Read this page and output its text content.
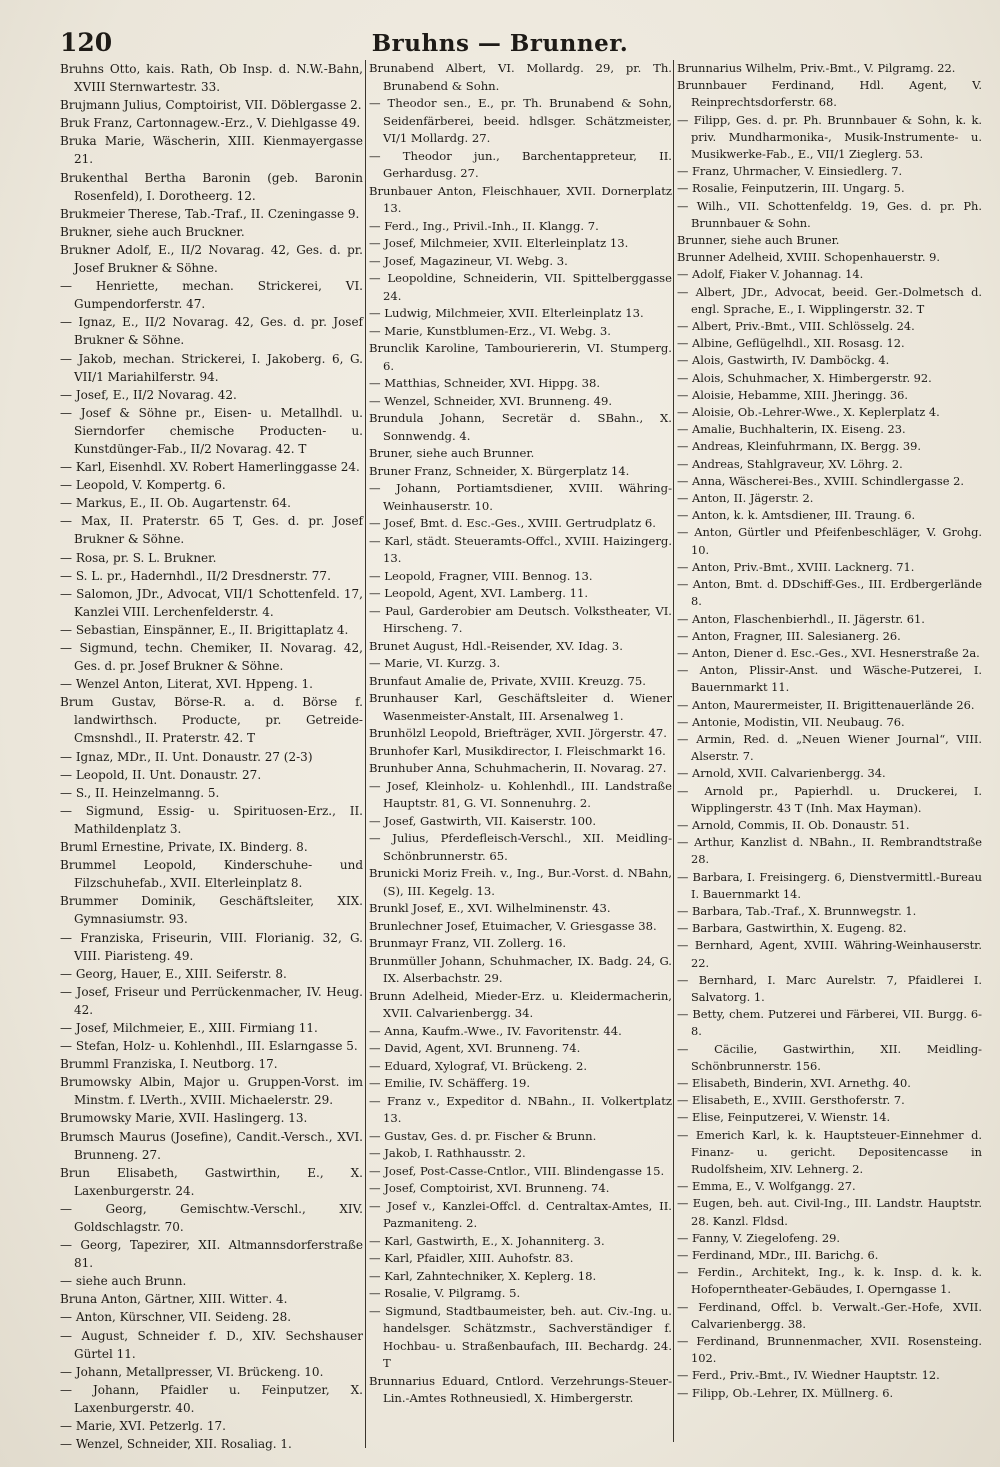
120	Bruhns — Brunner.

Bruhns Otto, kais. Rath, Ob Insp. d. N.W.-Bahn, XVIII Sternwartestr. 33.

Brujmann Julius, Comptoirist, VII. Döblergasse 2.

Bruk Franz, Cartonnagew.-Erz., V. Diehlgasse 49.

Bruka Marie, Wäscherin, XIII. Kienmayergasse 21.

Brukenthal Bertha Baronin (geb. Baronin Rosenfeld), I. Dorotheerg. 12.

Brukmeier Therese, Tab.-Traf., II. Czeningasse 9.

Brukner, siehe auch Bruckner.

Brukner Adolf, E., II/2 Novarag. 42, Ges. d. pr. Josef Brukner & Söhne.

— Henriette, mechan. Strickerei, VI. Gumpendorferstr. 47.

— Ignaz, E., II/2 Novarag. 42, Ges. d. pr. Josef Brukner & Söhne.

— Jakob, mechan. Strickerei, I. Jakoberg. 6, G. VII/1 Mariahilferstr. 94.

— Josef, E., II/2 Novarag. 42.

— Josef & Söhne pr., Eisen- u. Metallhdl. u. Sierndorfer chemische Producten- u. Kunstdünger-Fab., II/2 Novarag. 42. T

— Karl, Eisenhdl. XV. Robert Hamerlinggasse 24.

— Leopold, V. Kompertg. 6.

— Markus, E., II. Ob. Augartenstr. 64.

— Max, II. Praterstr. 65 T, Ges. d. pr. Josef Brukner & Söhne.

— Rosa, pr. S. L. Brukner.

— S. L. pr., Hadernhdl., II/2 Dresdnerstr. 77.

— Salomon, JDr., Advocat, VII/1 Schottenfeld. 17, Kanzlei VIII. Lerchenfelderstr. 4.

— Sebastian, Einspänner, E., II. Brigittaplatz 4.

— Sigmund, techn. Chemiker, II. Novarag. 42, Ges. d. pr. Josef Brukner & Söhne.

— Wenzel Anton, Literat, XVI. Hppeng. 1.

Brum Gustav, Börse-R. a. d. Börse f. landwirthsch. Producte, pr. Getreide-Cmsnshdl., II. Praterstr. 42. T

— Ignaz, MDr., II. Unt. Donaustr. 27 (2-3)

— Leopold, II. Unt. Donaustr. 27.

— S., II. Heinzelmanng. 5.

— Sigmund, Essig- u. Spirituosen-Erz., II. Mathildenplatz 3.

Bruml Ernestine, Private, IX. Binderg. 8.

Brummel Leopold, Kinderschuhe- und Filzschuhefab., XVII. Elterleinplatz 8.

Brummer Dominik, Geschäftsleiter, XIX. Gymnasiumstr. 93.

— Franziska, Friseurin, VIII. Florianig. 32, G. VIII. Piaristeng. 49.

— Georg, Hauer, E., XIII. Seiferstr. 8.

— Josef, Friseur und Perrückenmacher, IV. Heug. 42.

— Josef, Milchmeier, E., XIII. Firmiang 11.

— Stefan, Holz- u. Kohlenhdl., III. Eslarngasse 5.

Brumml Franziska, I. Neutborg. 17.

Brumowsky Albin, Major u. Gruppen-Vorst. im Minstm. f. LVerth., XVIII. Michaelerstr. 29.

Brumowsky Marie, XVII. Haslingerg. 13.

Brumsch Maurus (Josefine), Candit.-Versch., XVI. Brunneng. 27.

Brun Elisabeth, Gastwirthin, E., X. Laxenburgerstr. 24.

— Georg, Gemischtw.-Verschl., XIV. Goldschlagstr. 70.

— Georg, Tapezirer, XII. Altmannsdorferstraße 81.

— siehe auch Brunn.

Bruna Anton, Gärtner, XIII. Wittег. 4.

— Anton, Kürschner, VII. Seideng. 28.

— August, Schneider f. D., XIV. Sechshauser Gürtel 11.

— Johann, Metallpresser, VI. Brückeng. 10.

— Johann, Pfaidler u. Feinputzer, X. Laxenburgerstr. 40.

— Marie, XVI. Petzerlg. 17.

— Wenzel, Schneider, XII. Rosaliag. 1.

Brunabend Albert, VI. Mollardg. 29, pr. Th. Brunabend & Sohn.

— Theodor sen., E., pr. Th. Brunabend & Sohn, Seidenfärberei, beeid. hdlsger. Schätzmeister, VI/1 Mollardg. 27.

— Theodor jun., Barchentappreteur, II. Gerhardusg. 27.

Brunbauer Anton, Fleischhauer, XVII. Dornerplatz 13.

— Ferd., Ing., Privil.-Inh., II. Klangg. 7.

— Josef, Milchmeier, XVII. Elterleinplatz 13.

— Josef, Magazineur, VI. Webg. 3.

— Leopoldine, Schneiderin, VII. Spittelberggasse 24.

— Ludwig, Milchmeier, XVII. Elterleinplatz 13.

— Marie, Kunstblumen-Erz., VI. Webg. 3.

Brunclik Karoline, Tambouriererin, VI. Stumperg. 6.

— Matthias, Schneider, XVI. Hippg. 38.

— Wenzel, Schneider, XVI. Brunneng. 49.

Brundula Johann, Secretär d. SBahn., X. Sonnwendg. 4.

Bruner, siehe auch Brunner.

Bruner Franz, Schneider, X. Bürgerplatz 14.

— Johann, Portiamtsdiener, XVIII. Währing-Weinhauserstr. 10.

— Josef, Bmt. d. Esc.-Ges., XVIII. Gertrudplatz 6.

— Karl, städt. Steueramts-Offcl., XVIII. Haizingerg. 13.

— Leopold, Fragner, VIII. Bennog. 13.

— Leopold, Agent, XVI. Lamberg. 11.

— Paul, Garderobier am Deutsch. Volkstheater, VI. Hirscheng. 7.

Brunet August, Hdl.-Reisender, XV. Idag. 3.

— Marie, VI. Kurzg. 3.

Brunfaut Amalie de, Private, XVIII. Kreuzg. 75.

Brunhauser Karl, Geschäftsleiter d. Wiener Wasenmeister-Anstalt, III. Arsenalweg 1.

Brunhölzl Leopold, Briefträger, XVII. Jörgerstr. 47.

Brunhofer Karl, Musikdirector, I. Fleischmarkt 16.

Brunhuber Anna, Schuhmacherin, II. Novarag. 27.

— Josef, Kleinholz- u. Kohlenhdl., III. Landstraße Hauptstr. 81, G. VI. Sonnenuhrg. 2.

— Josef, Gastwirth, VII. Kaiserstr. 100.

— Julius, Pferdefleisch-Verschl., XII. Meidling-Schönbrunnerstr. 65.

Brunicki Moriz Freih. v., Ing., Bur.-Vorst. d. NBahn, (S), III. Kegelg. 13.

Brunkl Josef, E., XVI. Wilhelminenstr. 43.

Brunlechner Josef, Etuimacher, V. Griesgasse 38.

Brunmayr Franz, VII. Zollerg. 16.

Brunmüller Johann, Schuhmacher, IX. Badg. 24, G. IX. Alserbachstr. 29.

Brunn Adelheid, Mieder-Erz. u. Kleidermacherin, XVII. Calvarienbergg. 34.

— Anna, Kaufm.-Wwe., IV. Favoritenstr. 44.

— David, Agent, XVI. Brunneng. 74.

— Eduard, Xylograf, VI. Brückeng. 2.

— Emilie, IV. Schäfferg. 19.

— Franz v., Expeditor d. NBahn., II. Volkertplatz 13.

— Gustav, Ges. d. pr. Fischer & Brunn.

— Jakob, I. Rathhausstr. 2.

— Josef, Post-Casse-Cntlor., VIII. Blindengasse 15.

— Josef, Comptoirist, XVI. Brunneng. 74.

— Josef v., Kanzlei-Offcl. d. Centraltax-Amtes, II. Pazmaniteng. 2.

— Karl, Gastwirth, E., X. Johanniterg. 3.

— Karl, Pfaidler, XIII. Auhofstr. 83.

— Karl, Zahntechniker, X. Keplerg. 18.

— Rosalie, V. Pilgramg. 5.

— Sigmund, Stadtbaumeister, beh. aut. Civ.-Ing. u. handelsger. Schätzmstr., Sachverständiger f. Hochbau- u. Straßenbaufach, III. Bechardg. 24. T

Brunnarius Eduard, Cntlord. Verzehrungs-Steuer-Lin.-Amtes Rothneusiedl, X. Himbergerstr.

Brunnarius Wilhelm, Priv.-Bmt., V. Pilgramg. 22.

Brunnbauer Ferdinand, Hdl. Agent, V. Reinprechtsdorferstr. 68.

— Filipp, Ges. d. pr. Ph. Brunnbauer & Sohn, k. k. priv. Mundharmonika-, Musik-Instrumente- u. Musikwerke-Fab., E., VII/1 Zieglerg. 53.

— Franz, Uhrmacher, V. Einsiedlerg. 7.

— Rosalie, Feinputzerin, III. Ungarg. 5.

— Wilh., VII. Schottenfeldg. 19, Ges. d. pr. Ph. Brunnbauer & Sohn.

Brunner, siehe auch Bruner.

Brunner Adelheid, XVIII. Schopenhauerstr. 9.

— Adolf, Fiaker V. Johannag. 14.

— Albert, JDr., Advocat, beeid. Ger.-Dolmetsch d. engl. Sprache, E., I. Wipplingerstr. 32. T

— Albert, Priv.-Bmt., VIII. Schlösselg. 24.

— Albine, Geflügelhdl., XII. Rosasg. 12.

— Alois, Gastwirth, IV. Damböckg. 4.

— Alois, Schuhmacher, X. Himbergerstr. 92.

— Aloisie, Hebamme, XIII. Jheringg. 36.

— Aloisie, Ob.-Lehrer-Wwe., X. Keplerplatz 4.

— Amalie, Buchhalterin, IX. Eiseng. 23.

— Andreas, Kleinfuhrmann, IX. Bergg. 39.

— Andreas, Stahlgraveur, XV. Löhrg. 2.

— Anna, Wäscherei-Bes., XVIII. Schindlergasse 2.

— Anton, II. Jägerstr. 2.

— Anton, k. k. Amtsdiener, III. Traung. 6.

— Anton, Gürtler und Pfeifenbeschläger, V. Grohg. 10.

— Anton, Priv.-Bmt., XVIII. Lacknerg. 71.

— Anton, Bmt. d. DDschiff-Ges., III. Erdbergerlände 8.

— Anton, Flaschenbierhdl., II. Jägerstr. 61.

— Anton, Fragner, III. Salesianerg. 26.

— Anton, Diener d. Esc.-Ges., XVI. Hesnerstraße 2a.

— Anton, Plissir-Anst. und Wäsche-Putzerei, I. Bauernmarkt 11.

— Anton, Maurermeister, II. Brigittenauerlände 26.

— Antonie, Modistin, VII. Neubaug. 76.

— Armin, Red. d. „Neuen Wiener Journal“, VIII. Alserstr. 7.

— Arnold, XVII. Calvarienbergg. 34.

— Arnold pr., Papierhdl. u. Druckerei, I. Wipplingerstr. 43 T (Inh. Max Hayman).

— Arnold, Commis, II. Ob. Donaustr. 51.

— Arthur, Kanzlist d. NBahn., II. Rembrandtstraße 28.

— Barbara, I. Freisingerg. 6, Dienstvermittl.-Bureau I. Bauernmarkt 14.

— Barbara, Tab.-Traf., X. Brunnwegstr. 1.

— Barbara, Gastwirthin, X. Eugeng. 82.

— Bernhard, Agent, XVIII. Währing-Weinhauserstr. 22.

— Bernhard, I. Marc Aurelstr. 7, Pfaidlerei I. Salvatorg. 1.

— Betty, chem. Putzerei und Färberei, VII. Burgg. 6-8.

— Cäcilie, Gastwirthin, XII. Meidling-Schönbrunnerstr. 156.

— Elisabeth, Binderin, XVI. Arnethg. 40.

— Elisabeth, E., XVIII. Gersthoferstr. 7.

— Elise, Feinputzerei, V. Wienstr. 14.

— Emerich Karl, k. k. Hauptsteuer-Einnehmer d. Finanz- u. gericht. Depositencasse in Rudolfsheim, XIV. Lehnerg. 2.

— Emma, E., V. Wolfgangg. 27.

— Eugen, beh. aut. Civil-Ing., III. Landstr. Hauptstr. 28. Kanzl. Fldsd.

— Fanny, V. Ziegelofeng. 29.

— Ferdinand, MDr., III. Barichg. 6.

— Ferdin., Architekt, Ing., k. k. Insp. d. k. k. Hofoperntheater-Gebäudes, I. Operngasse 1.

— Ferdinand, Offcl. b. Verwalt.-Ger.-Hofe, XVII. Calvarienbergg. 38.

— Ferdinand, Brunnenmacher, XVII. Rosensteing. 102.

— Ferd., Priv.-Bmt., IV. Wiedner Hauptstr. 12.

— Filipp, Ob.-Lehrer, IX. Müllnerg. 6.
